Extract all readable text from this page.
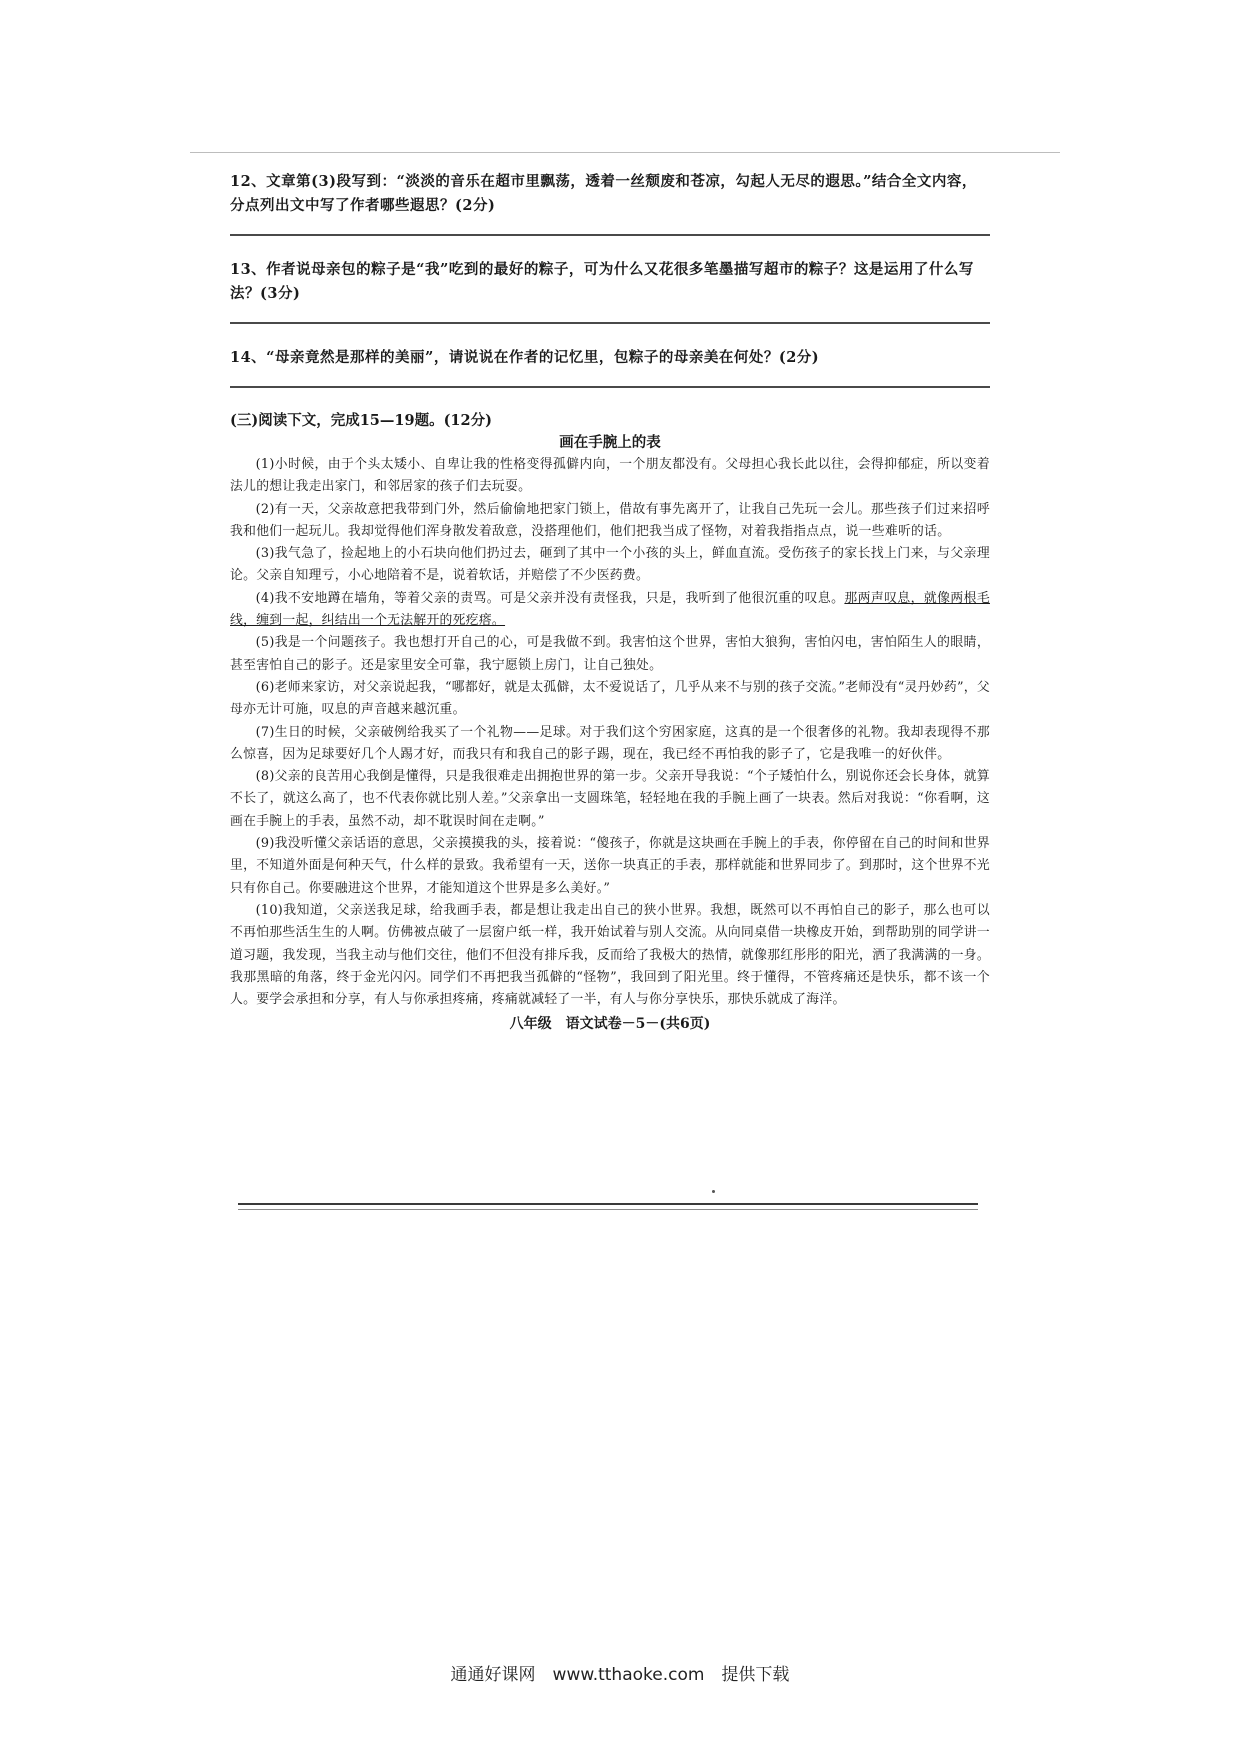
12、文章第(3)段写到：“淡淡的音乐在超市里飘荡，透着一丝颓废和苍凉，勾起人无尽的遐思。”结合全文内容，分点列出文中写了作者哪些遐思？(2分)

13、作者说母亲包的粽子是“我”吃到的最好的粽子，可为什么又花很多笔墨描写超市的粽子？这是运用了什么写法？(3分)

14、“母亲竟然是那样的美丽”，请说说在作者的记忆里，包粽子的母亲美在何处？(2分)

(三)阅读下文，完成15—19题。(12分)
画在手腕上的表

(1)小时候，由于个头太矮小、自卑让我的性格变得孤僻内向，一个朋友都没有。父母担心我长此以往，会得抑郁症，所以变着法儿的想让我走出家门，和邻居家的孩子们去玩耍。

(2)有一天，父亲故意把我带到门外，然后偷偷地把家门锁上，借故有事先离开了，让我自己先玩一会儿。那些孩子们过来招呼我和他们一起玩儿。我却觉得他们浑身散发着敌意，没搭理他们，他们把我当成了怪物，对着我指指点点，说一些难听的话。

(3)我气急了，捡起地上的小石块向他们扔过去，砸到了其中一个小孩的头上，鲜血直流。受伤孩子的家长找上门来，与父亲理论。父亲自知理亏，小心地陪着不是，说着软话，并赔偿了不少医药费。

(4)我不安地蹲在墙角，等着父亲的责骂。可是父亲并没有责怪我，只是，我听到了他很沉重的叹息。那两声叹息，就像两根毛线，缠到一起，纠结出一个无法解开的死疙瘩。

(5)我是一个问题孩子。我也想打开自己的心，可是我做不到。我害怕这个世界，害怕大狼狗，害怕闪电，害怕陌生人的眼睛，甚至害怕自己的影子。还是家里安全可靠，我宁愿锁上房门，让自己独处。

(6)老师来家访，对父亲说起我，“哪都好，就是太孤僻，太不爱说话了，几乎从来不与别的孩子交流。”老师没有“灵丹妙药”，父母亦无计可施，叹息的声音越来越沉重。

(7)生日的时候，父亲破例给我买了一个礼物——足球。对于我们这个穷困家庭，这真的是一个很奢侈的礼物。我却表现得不那么惊喜，因为足球要好几个人踢才好，而我只有和我自己的影子踢，现在，我已经不再怕我的影子了，它是我唯一的好伙伴。

(8)父亲的良苦用心我倒是懂得，只是我很难走出拥抱世界的第一步。父亲开导我说：“个子矮怕什么，别说你还会长身体，就算不长了，就这么高了，也不代表你就比别人差。”父亲拿出一支圆珠笔，轻轻地在我的手腕上画了一块表。然后对我说：“你看啊，这画在手腕上的手表，虽然不动，却不耽误时间在走啊。”

(9)我没听懂父亲话语的意思，父亲摸摸我的头，接着说：“傻孩子，你就是这块画在手腕上的手表，你停留在自己的时间和世界里，不知道外面是何种天气，什么样的景致。我希望有一天，送你一块真正的手表，那样就能和世界同步了。到那时，这个世界不光只有你自己。你要融进这个世界，才能知道这个世界是多么美好。”

(10)我知道，父亲送我足球，给我画手表，都是想让我走出自己的狭小世界。我想，既然可以不再怕自己的影子，那么也可以不再怕那些活生生的人啊。仿佛被点破了一层窗户纸一样，我开始试着与别人交流。从向同桌借一块橡皮开始，到帮助别的同学讲一道习题，我发现，当我主动与他们交往，他们不但没有排斥我，反而给了我极大的热情，就像那红彤彤的阳光，洒了我满满的一身。我那黑暗的角落，终于金光闪闪。同学们不再把我当孤僻的“怪物”，我回到了阳光里。终于懂得，不管疼痛还是快乐，都不该一个人。要学会承担和分享，有人与你承担疼痛，疼痛就减轻了一半，有人与你分享快乐，那快乐就成了海洋。

八年级　语文试卷－5－(共6页)
通通好课网　www.tthaoke.com　提供下载
